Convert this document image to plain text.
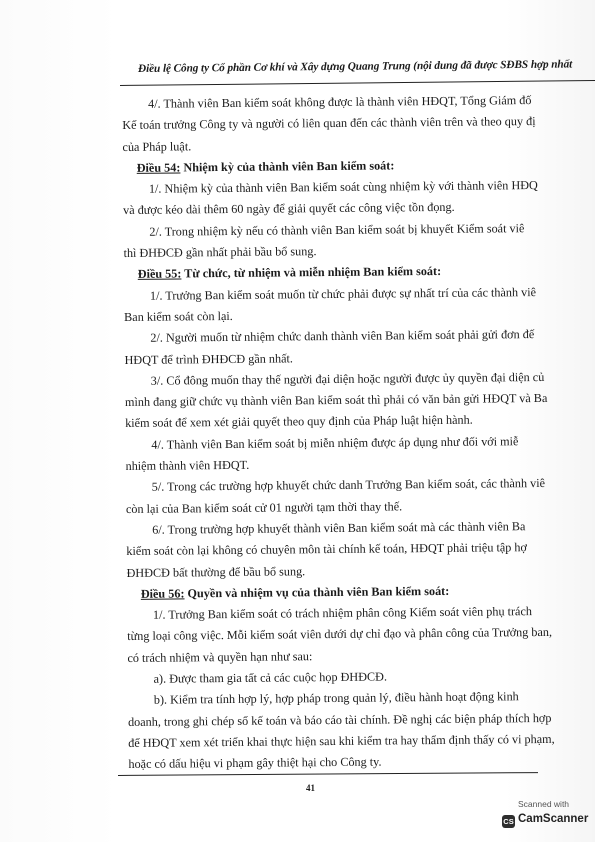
Điều lệ Công ty Cổ phần Cơ khí và Xây dựng Quang Trung (nội dung đã được SĐBS hợp nhất
4/. Thành viên Ban kiểm soát không được là thành viên HĐQT, Tổng Giám đố
Kế toán trưởng Công ty và người có liên quan đến các thành viên trên và theo quy đị
của Pháp luật.
Điều 54: Nhiệm kỳ của thành viên Ban kiểm soát:
1/. Nhiệm kỳ của thành viên Ban kiểm soát cùng nhiệm kỳ với thành viên HĐQ
và được kéo dài thêm 60 ngày để giải quyết các công việc tồn đọng.
2/. Trong nhiệm kỳ nếu có thành viên Ban kiểm soát bị khuyết Kiểm soát viê
thì ĐHĐCĐ gần nhất phải bầu bổ sung.
Điều 55: Từ chức, từ nhiệm và miễn nhiệm Ban kiểm soát:
1/. Trưởng Ban kiểm soát muốn từ chức phải được sự nhất trí của các thành viê
Ban kiểm soát còn lại.
2/. Người muốn từ nhiệm chức danh thành viên Ban kiểm soát phải gửi đơn đế
HĐQT để trình ĐHĐCĐ gần nhất.
3/. Cổ đông muốn thay thế người đại diện hoặc người được ủy quyền đại diện củ
mình đang giữ chức vụ thành viên Ban kiểm soát thì phải có văn bản gửi HĐQT và Ba
kiểm soát để xem xét giải quyết theo quy định của Pháp luật hiện hành.
4/. Thành viên Ban kiểm soát bị miễn nhiệm được áp dụng như đối với miễ
nhiệm thành viên HĐQT.
5/. Trong các trường hợp khuyết chức danh Trưởng Ban kiểm soát, các thành viê
còn lại của Ban kiểm soát cử 01 người tạm thời thay thế.
6/. Trong trường hợp khuyết thành viên Ban kiểm soát mà các thành viên Ba
kiểm soát còn lại không có chuyên môn tài chính kế toán, HĐQT phải triệu tập hợ
ĐHĐCĐ bất thường để bầu bổ sung.
Điều 56: Quyền và nhiệm vụ của thành viên Ban kiểm soát:
1/. Trưởng Ban kiểm soát có trách nhiệm phân công Kiểm soát viên phụ trách
từng loại công việc. Mỗi kiểm soát viên dưới dự chỉ đạo và phân công của Trưởng ban,
có trách nhiệm và quyền hạn như sau:
a). Được tham gia tất cả các cuộc họp ĐHĐCĐ.
b). Kiểm tra tính hợp lý, hợp pháp trong quản lý, điều hành hoạt động kinh
doanh, trong ghi chép sổ kế toán và báo cáo tài chính. Đề nghị các biện pháp thích hợp
để HĐQT xem xét triển khai thực hiện sau khi kiểm tra hay thẩm định thấy có vi phạm,
hoặc có dấu hiệu vi phạm gây thiệt hại cho Công ty.
41
Scanned with
CS CamScanner
